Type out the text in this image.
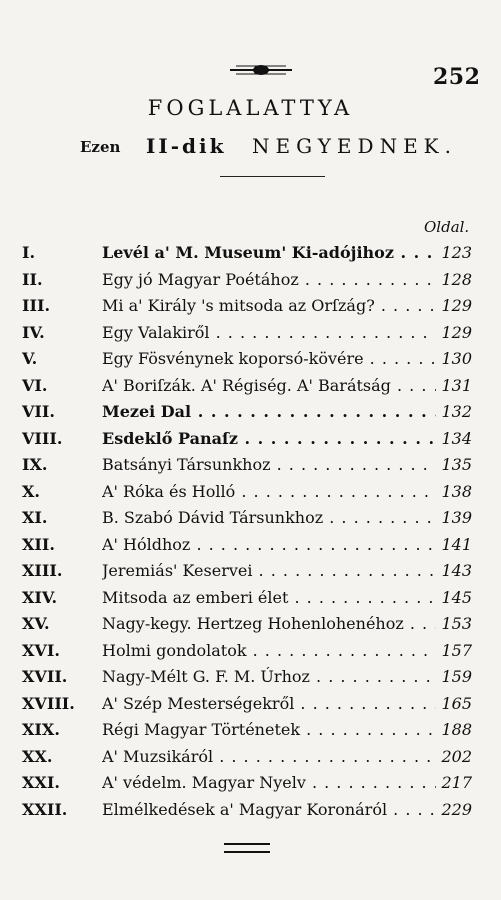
252
FOGLALATTYA
Ezen II-dik NEGYEDNEK.
Oldal.
I.	Levél a' M. Museum' Ki-adójihoz . . .	123
II.	Egy jó Magyar Poétához . . .	128
III.	Mi a' Király 's mitsoda az Orſzág? . . .	129
IV.	Egy Valakiről . . .	129
V.	Egy Fösvénynek koporsó-kövére . . .	130
VI.	A' Boriſzák. A' Régiség. A' Barátság . . .	131
VII.	Mezei Dal . . .	132
VIII. Esdeklő Panaſz . . .	134
IX.	Batsányi Társunkhoz . . .	135
X.	A' Róka és Holló . . .	138
XI.	B. Szabó Dávid Társunkhoz . . .	139
XII.	A' Hóldhoz . . .	141
XIII. Jeremiás' Keservei . . .	143
XIV.	Mitsoda az emberi élet . . .	145
XV.	Nagy-kegy. Hertzeg Hohenlohenéhoz . . .	153
XVI.	Holmi gondolatok . . .	157
XVII. Nagy-Mélt G. F. M. Úrhoz . . .	159
XVIII. A' Szép Mesterségekről . . .	165
XIX.	Régi Magyar Történetek . . .	188
XX.	A' Muzsikáról . . .	202
XXI.	A' védelm. Magyar Nyelv . . .	217
XXII. Elmélkedések a' Magyar Koronáról . . .	229
